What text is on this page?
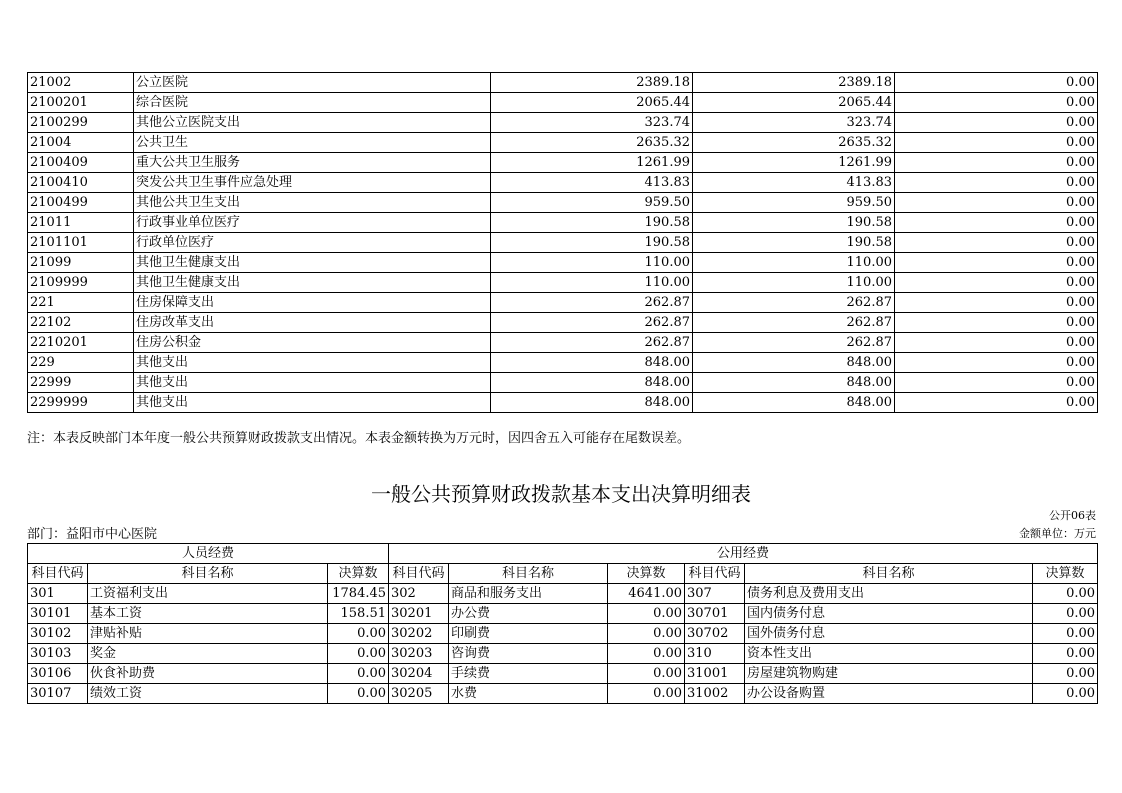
21002	公立医院	2389.18	2389.18	0.00
2100201	综合医院	2065.44	2065.44	0.00
2100299	其他公立医院支出	323.74	323.74	0.00
21004	公共卫生	2635.32	2635.32	0.00
2100409	重大公共卫生服务	1261.99	1261.99	0.00
2100410	突发公共卫生事件应急处理	413.83	413.83	0.00
2100499	其他公共卫生支出	959.50	959.50	0.00
21011	行政事业单位医疗	190.58	190.58	0.00
2101101	行政单位医疗	190.58	190.58	0.00
21099	其他卫生健康支出	110.00	110.00	0.00
2109999	其他卫生健康支出	110.00	110.00	0.00
221	住房保障支出	262.87	262.87	0.00
22102	住房改革支出	262.87	262.87	0.00
2210201	住房公积金	262.87	262.87	0.00
229	其他支出	848.00	848.00	0.00
22999	其他支出	848.00	848.00	0.00
2299999	其他支出	848.00	848.00	0.00
注：本表反映部门本年度一般公共预算财政拨款支出情况。本表金额转换为万元时，因四舍五入可能存在尾数误差。
一般公共预算财政拨款基本支出决算明细表
公开06表
部门：益阳市中心医院	金额单位：万元
人员经费			公用经费					
科目代码	科目名称	决算数	科目代码	科目名称	决算数	科目代码	科目名称	决算数
301	工资福利支出	1784.45	302	商品和服务支出	4641.00	307	债务利息及费用支出	0.00
30101	基本工资	158.51	30201	办公费	0.00	30701	国内债务付息	0.00
30102	津贴补贴	0.00	30202	印刷费	0.00	30702	国外债务付息	0.00
30103	奖金	0.00	30203	咨询费	0.00	310	资本性支出	0.00
30106	伙食补助费	0.00	30204	手续费	0.00	31001	房屋建筑物购建	0.00
30107	绩效工资	0.00	30205	水费	0.00	31002	办公设备购置	0.00
